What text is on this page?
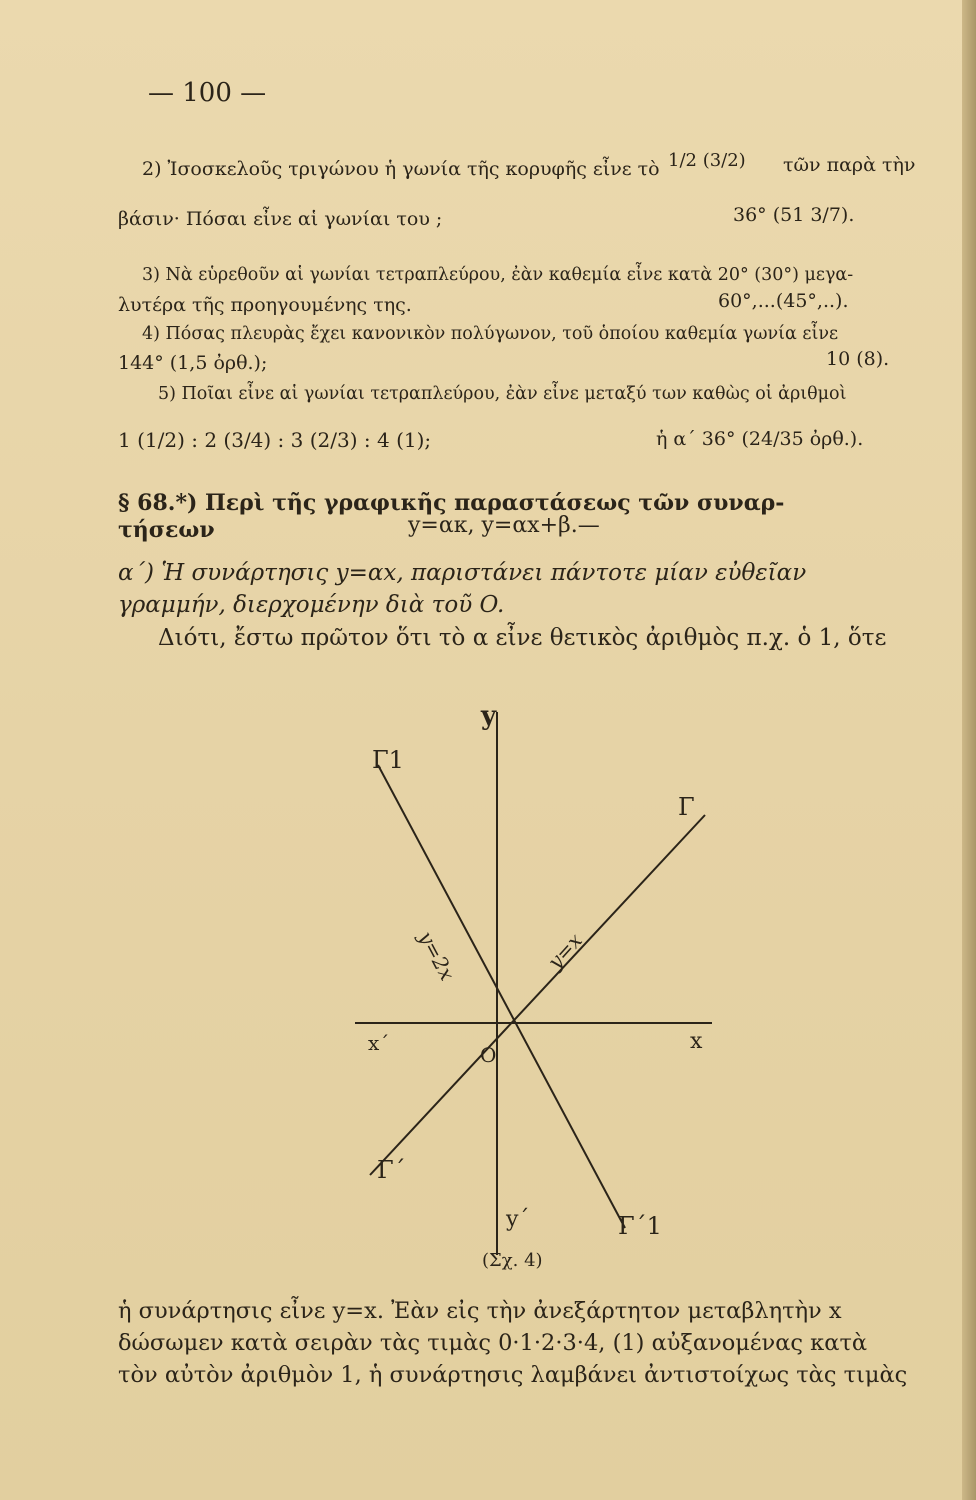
— 100 —
2) Ἰσοσκελοῦς τριγώνου ἡ γωνία τῆς κορυφῆς εἶνε τὸ 1/2 (3/2) τῶν παρὰ τὴν
βάσιν· Πόσαι εἶνε αἱ γωνίαι του ;	36° (51 3/7).
3) Νὰ εὑρεθοῦν αἱ γωνίαι τετραπλεύρου, ἐὰν καθεμία εἶνε κατὰ 20° (30°) μεγα-
λυτέρα τῆς προηγουμένης της.	60°,...(45°,..).
4) Πόσας πλευρὰς ἔχει κανονικὸν πολύγωνον, τοῦ ὁποίου καθεμία γωνία εἶνε
144° (1,5 ὀρθ.);	10 (8).
5) Ποῖαι εἶνε αἱ γωνίαι τετραπλεύρου, ἐὰν εἶνε μεταξύ των καθὼς οἱ ἀριθμοὶ
1 (1/2) : 2 (3/4) : 3 (2/3) : 4 (1);	ἡ α΄ 36° (24/35 ὀρθ.).
§ 68.*) Περὶ τῆς γραφικῆς παραστάσεως τῶν συναρ-
τήσεων	y=ακ, y=αx+β.—
α΄) Ἡ συνάρτησις y=αx, παριστάνει πάντοτε μίαν εὐθεῖαν
γραμμήν, διερχομένην διὰ τοῦ O.
Διότι, ἔστω πρῶτον ὅτι τὸ α εἶνε θετικὸς ἀριθμὸς π.χ. ὁ 1, ὅτε
y
y΄
x
x΄	O
Γ1
Γ
Γ΄
Γ΄1
y=x
y=2x
(Σχ. 4)
ἡ συνάρτησις εἶνε y=x. Ἐὰν εἰς τὴν ἀνεξάρτητον μεταβλητὴν x
δώσωμεν κατὰ σειρὰν τὰς τιμὰς 0·1·2·3·4, (1) αὐξανομένας κατὰ
τὸν αὐτὸν ἀριθμὸν 1, ἡ συνάρτησις λαμβάνει ἀντιστοίχως τὰς τιμὰς
